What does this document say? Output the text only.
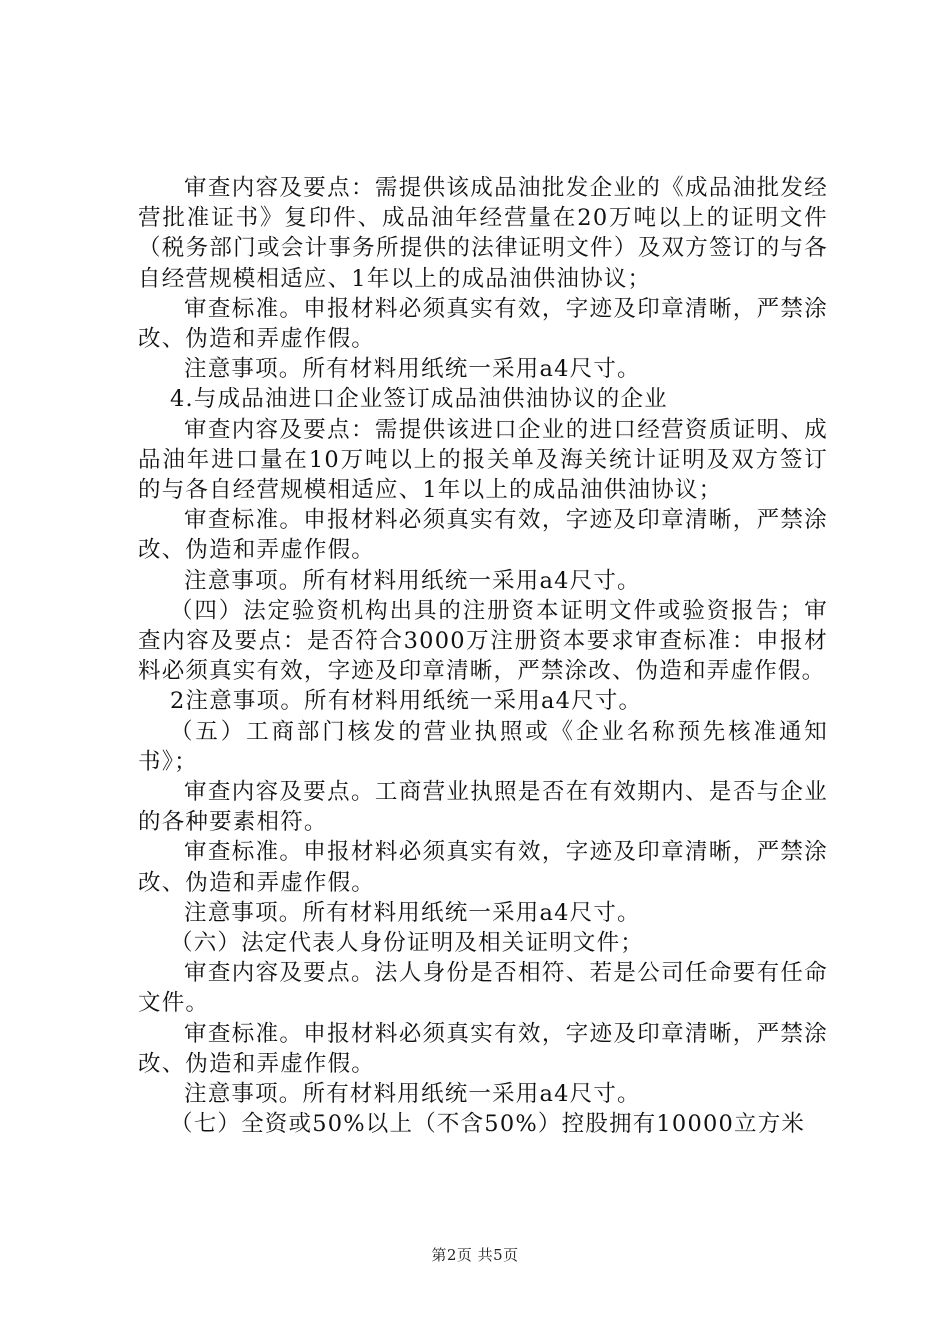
审查内容及要点：需提供该成品油批发企业的《成品油批发经营批准证书》复印件、成品油年经营量在20万吨以上的证明文件（税务部门或会计事务所提供的法律证明文件）及双方签订的与各自经营规模相适应、1年以上的成品油供油协议；

审查标准。申报材料必须真实有效，字迹及印章清晰，严禁涂改、伪造和弄虚作假。

注意事项。所有材料用纸统一采用a4尺寸。

4.与成品油进口企业签订成品油供油协议的企业

审查内容及要点：需提供该进口企业的进口经营资质证明、成品油年进口量在10万吨以上的报关单及海关统计证明及双方签订的与各自经营规模相适应、1年以上的成品油供油协议；

审查标准。申报材料必须真实有效，字迹及印章清晰，严禁涂改、伪造和弄虚作假。

注意事项。所有材料用纸统一采用a4尺寸。

（四）法定验资机构出具的注册资本证明文件或验资报告；审查内容及要点：是否符合3000万注册资本要求审查标准：申报材料必须真实有效，字迹及印章清晰，严禁涂改、伪造和弄虚作假。

2注意事项。所有材料用纸统一采用a4尺寸。

（五）工商部门核发的营业执照或《企业名称预先核准通知书》；

审查内容及要点。工商营业执照是否在有效期内、是否与企业的各种要素相符。

审查标准。申报材料必须真实有效，字迹及印章清晰，严禁涂改、伪造和弄虚作假。

注意事项。所有材料用纸统一采用a4尺寸。

（六）法定代表人身份证明及相关证明文件；

审查内容及要点。法人身份是否相符、若是公司任命要有任命文件。

审查标准。申报材料必须真实有效，字迹及印章清晰，严禁涂改、伪造和弄虚作假。

注意事项。所有材料用纸统一采用a4尺寸。

（七）全资或50%以上（不含50%）控股拥有10000立方米

第2页 共5页
